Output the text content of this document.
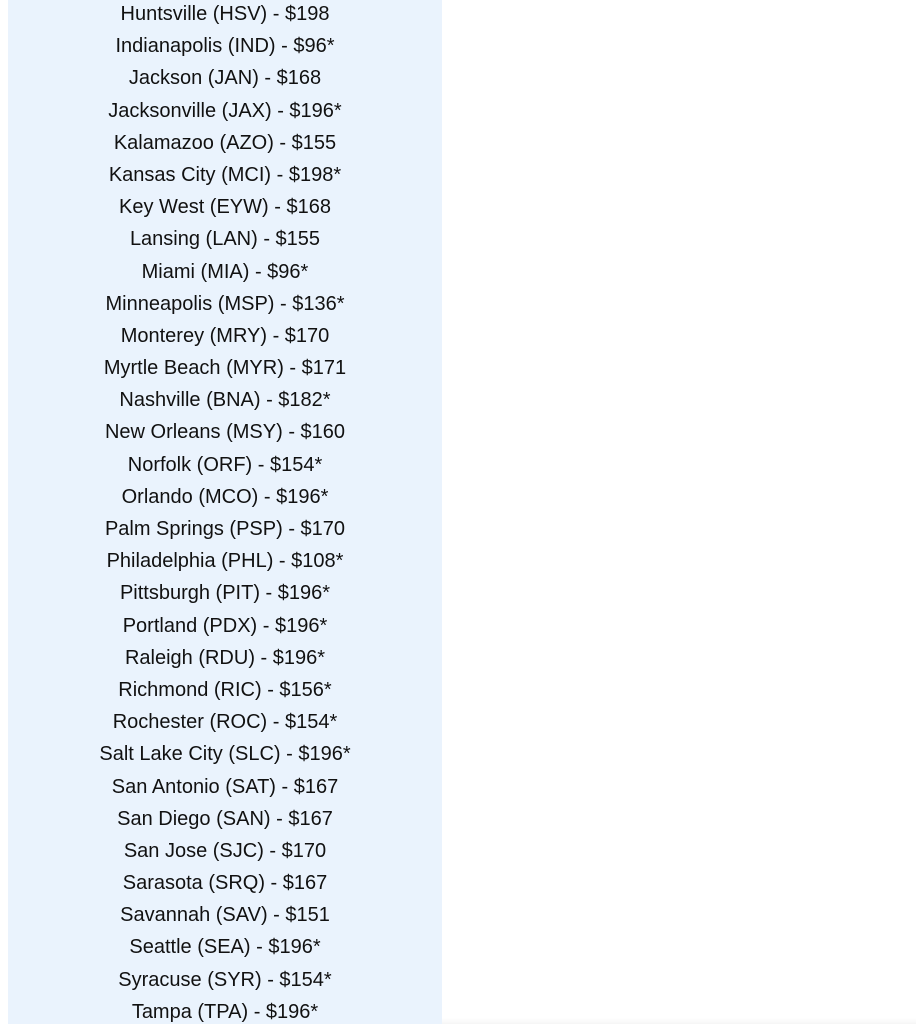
Huntsville (HSV) - $198
Indianapolis (IND) - $96*
Jackson (JAN) - $168
Jacksonville (JAX) - $196*
Kalamazoo (AZO) - $155
Kansas City (MCI) - $198*
Key West (EYW) - $168
Lansing (LAN) - $155
Miami (MIA) - $96*
Minneapolis (MSP) - $136*
Monterey (MRY) - $170
Myrtle Beach (MYR) - $171
Nashville (BNA) - $182*
New Orleans (MSY) - $160
Norfolk (ORF) - $154*
Orlando (MCO) - $196*
Palm Springs (PSP) - $170
Philadelphia (PHL) - $108*
Pittsburgh (PIT) - $196*
Portland (PDX) - $196*
Raleigh (RDU) - $196*
Richmond (RIC) - $156*
Rochester (ROC) - $154*
Salt Lake City (SLC) - $196*
San Antonio (SAT) - $167
San Diego (SAN) - $167
San Jose (SJC) - $170
Sarasota (SRQ) - $167
Savannah (SAV) - $151
Seattle (SEA) - $196*
Syracuse (SYR) - $154*
Tampa (TPA) - $196*
